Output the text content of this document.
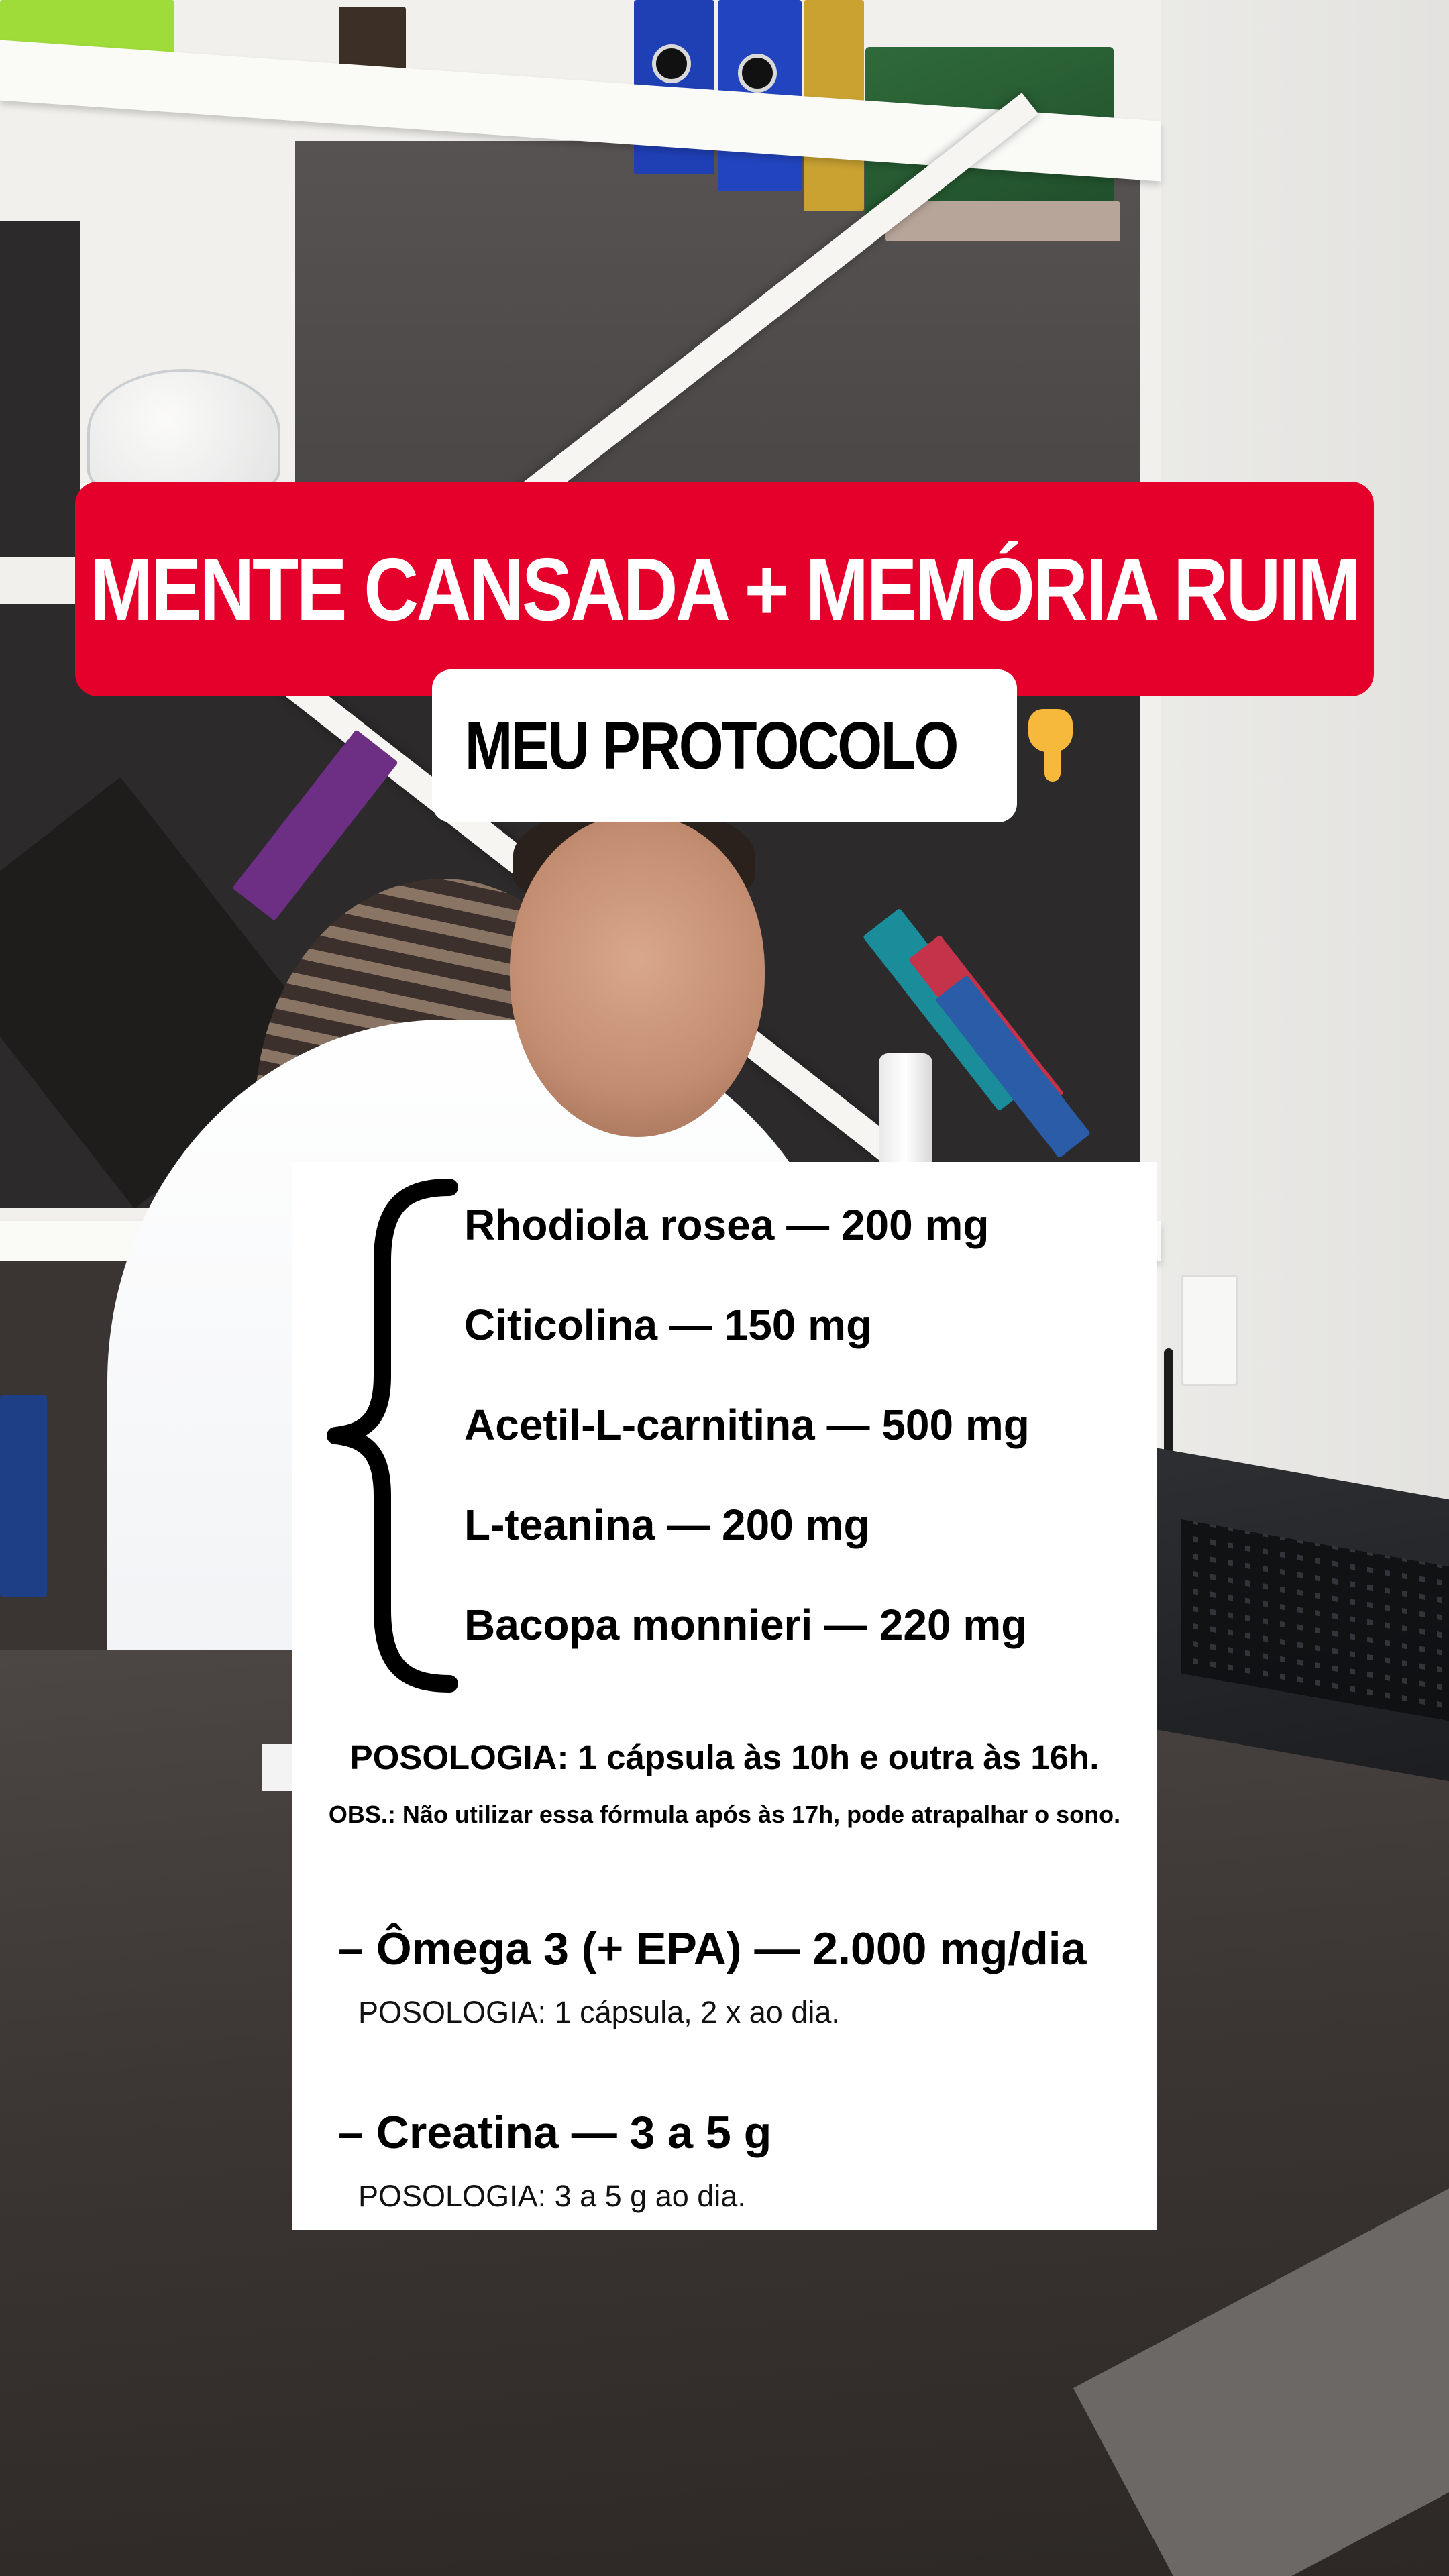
MENTE CANSADA + MEMÓRIA RUIM
MEU PROTOCOLO
Rhodiola rosea — 200 mg
Citicolina — 150 mg
Acetil-L-carnitina — 500 mg
L-teanina — 200 mg
Bacopa monnieri — 220 mg
POSOLOGIA: 1 cápsula às 10h e outra às 16h.
OBS.: Não utilizar essa fórmula após às 17h, pode atrapalhar o sono.
– Ômega 3 (+ EPA) — 2.000 mg/dia
POSOLOGIA: 1 cápsula, 2 x ao dia.
– Creatina — 3 a 5 g
POSOLOGIA: 3 a 5 g ao dia.
